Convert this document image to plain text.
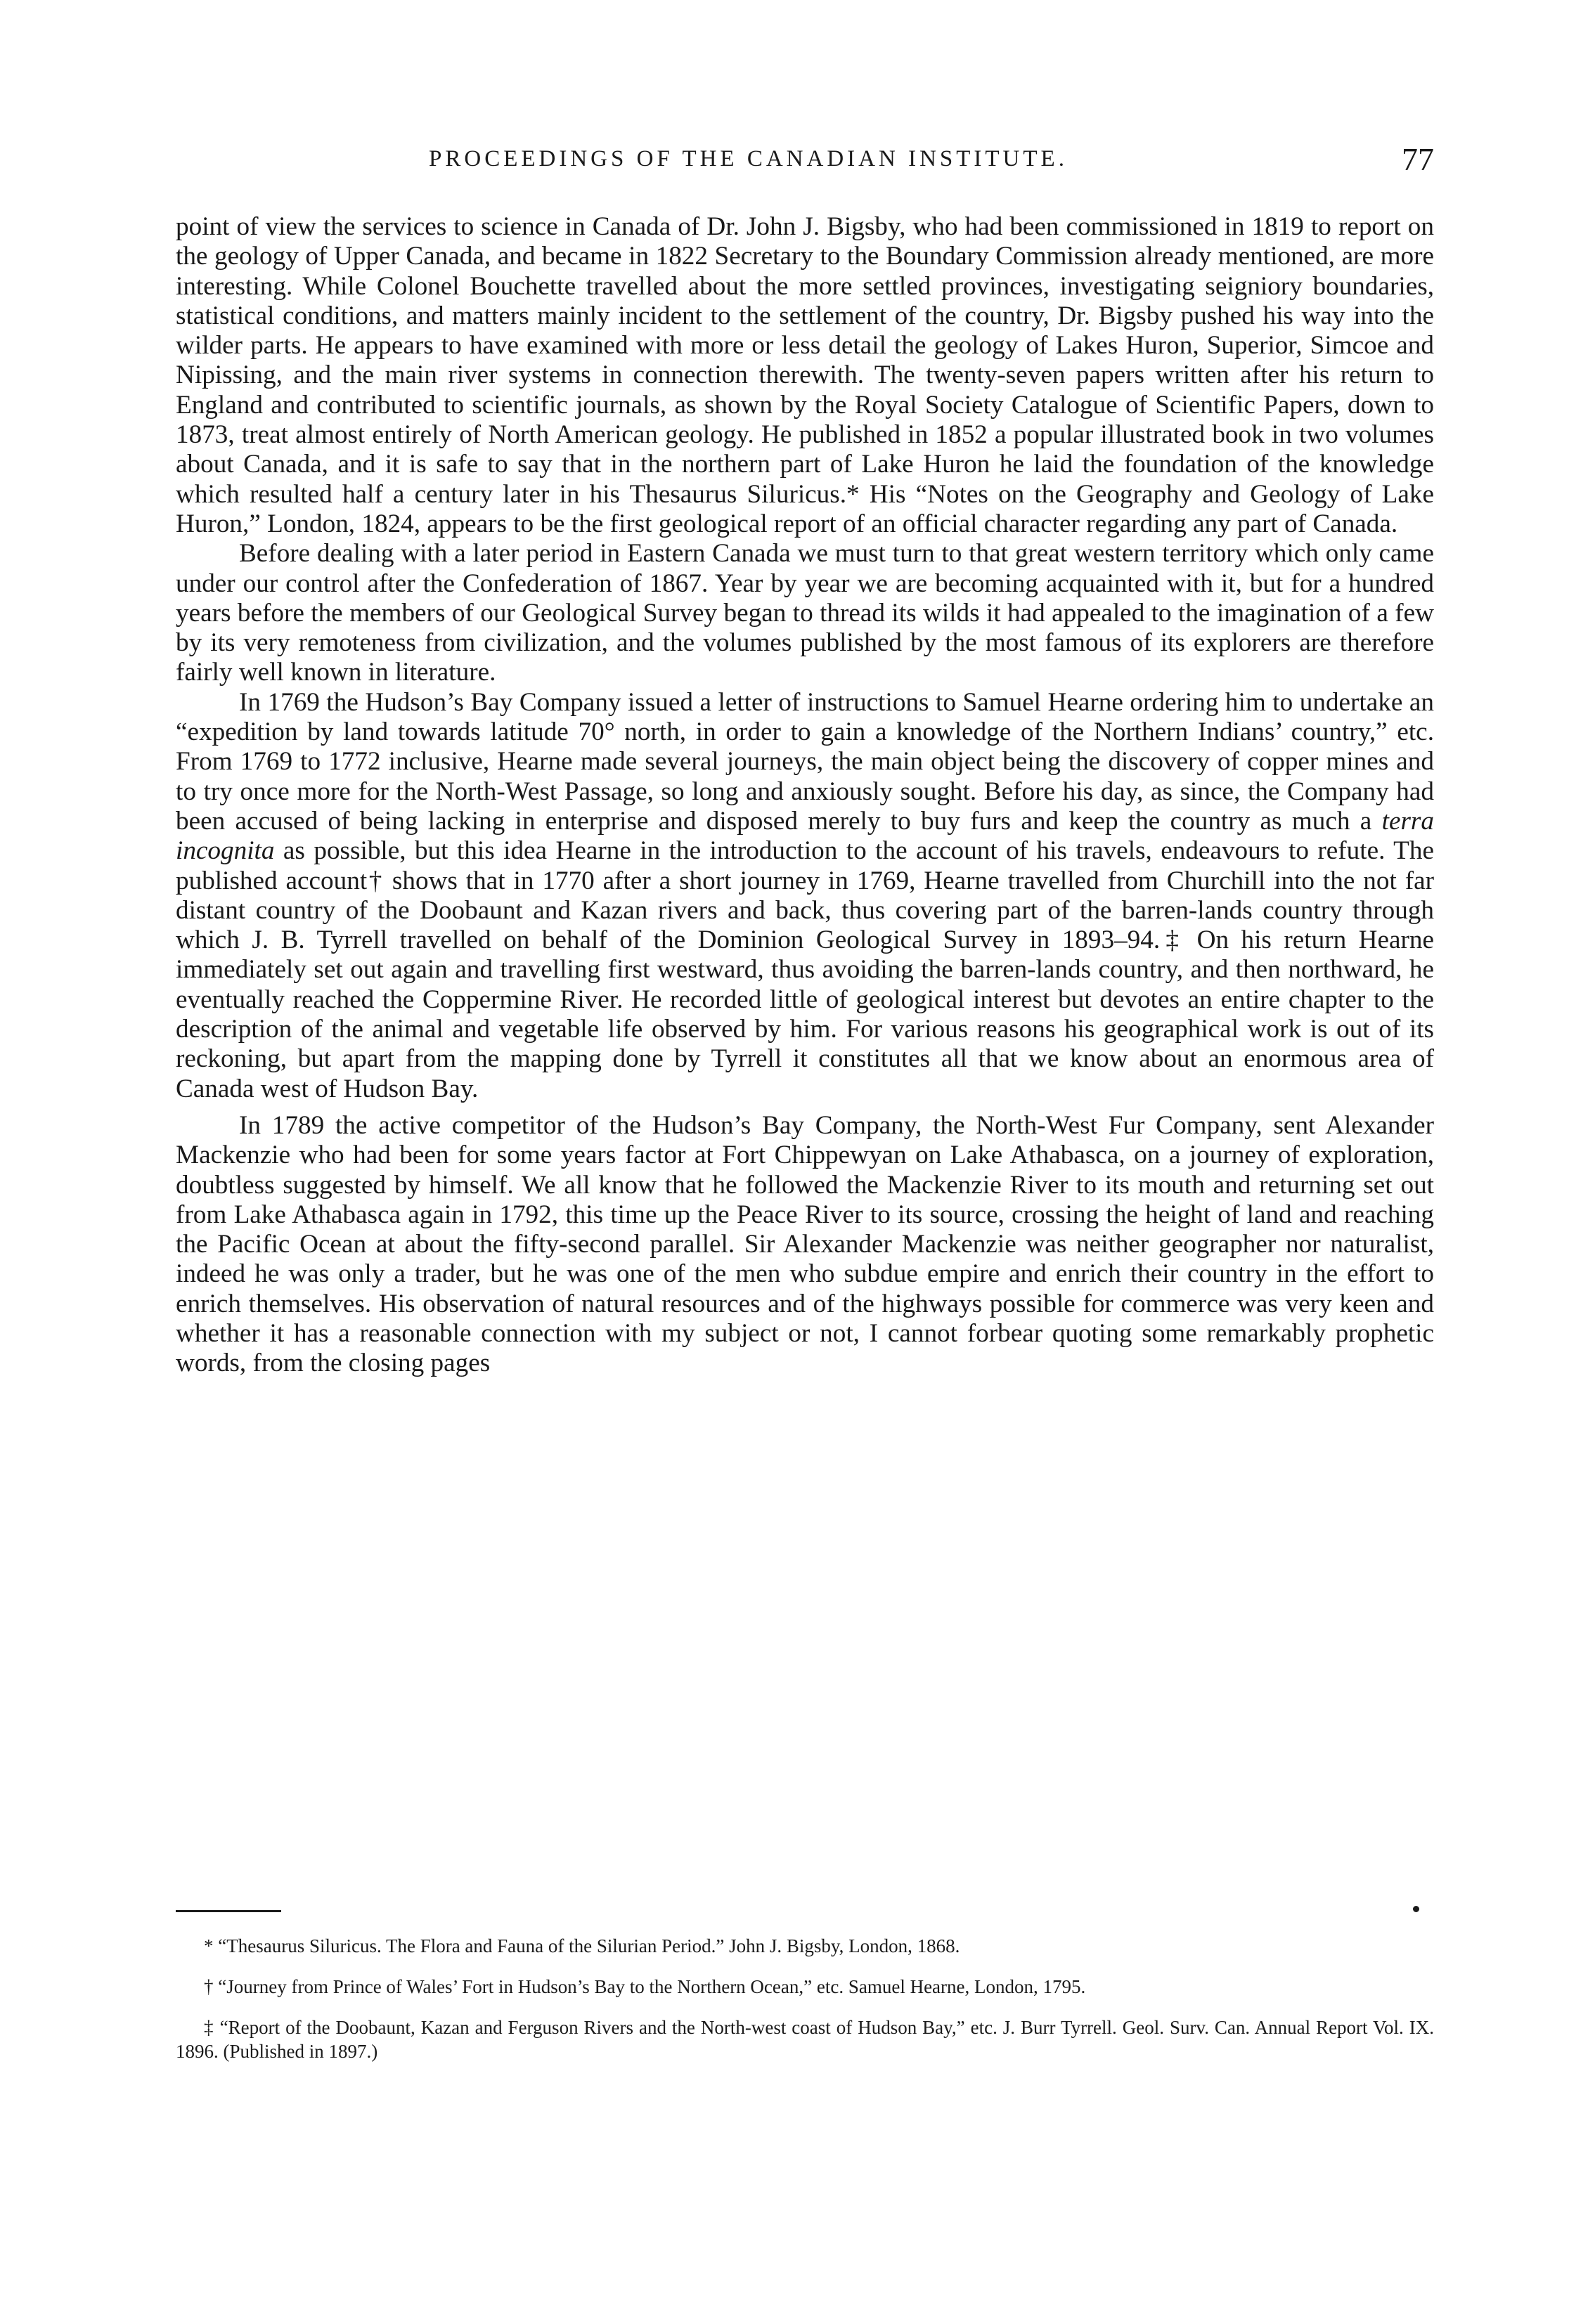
PROCEEDINGS OF THE CANADIAN INSTITUTE.	77

point of view the services to science in Canada of Dr. John J. Bigsby, who had been commissioned in 1819 to report on the geology of Upper Canada, and became in 1822 Secretary to the Boundary Commission already mentioned, are more interesting. While Colonel Bouchette travelled about the more settled provinces, investigating seigniory boundaries, statistical conditions, and matters mainly incident to the settlement of the country, Dr. Bigsby pushed his way into the wilder parts. He appears to have examined with more or less detail the geology of Lakes Huron, Superior, Simcoe and Nipissing, and the main river systems in connection therewith. The twenty-seven papers written after his return to England and contributed to scientific journals, as shown by the Royal Society Catalogue of Scientific Papers, down to 1873, treat almost entirely of North American geology. He published in 1852 a popular illustrated book in two volumes about Canada, and it is safe to say that in the northern part of Lake Huron he laid the foundation of the knowledge which resulted half a century later in his Thesaurus Siluricus.* His “Notes on the Geography and Geology of Lake Huron,” London, 1824, appears to be the first geological report of an official character regarding any part of Canada.

Before dealing with a later period in Eastern Canada we must turn to that great western territory which only came under our control after the Confederation of 1867. Year by year we are becoming acquainted with it, but for a hundred years before the members of our Geological Survey began to thread its wilds it had appealed to the imagination of a few by its very remoteness from civilization, and the volumes published by the most famous of its explorers are therefore fairly well known in literature.

In 1769 the Hudson’s Bay Company issued a letter of instructions to Samuel Hearne ordering him to undertake an “expedition by land towards latitude 70° north, in order to gain a knowledge of the Northern Indians’ country,” etc. From 1769 to 1772 inclusive, Hearne made several journeys, the main object being the discovery of copper mines and to try once more for the North-West Passage, so long and anxiously sought. Before his day, as since, the Company had been accused of being lacking in enterprise and disposed merely to buy furs and keep the country as much a terra incognita as possible, but this idea Hearne in the introduction to the account of his travels, endeavours to refute. The published account† shows that in 1770 after a short journey in 1769, Hearne travelled from Churchill into the not far distant country of the Doobaunt and Kazan rivers and back, thus covering part of the barren-lands country through which J. B. Tyrrell travelled on behalf of the Dominion Geological Survey in 1893–94.‡ On his return Hearne immediately set out again and travelling first westward, thus avoiding the barren-lands country, and then northward, he eventually reached the Coppermine River. He recorded little of geological interest but devotes an entire chapter to the description of the animal and vegetable life observed by him. For various reasons his geographical work is out of its reckoning, but apart from the mapping done by Tyrrell it constitutes all that we know about an enormous area of Canada west of Hudson Bay.

In 1789 the active competitor of the Hudson’s Bay Company, the North-West Fur Company, sent Alexander Mackenzie who had been for some years factor at Fort Chippewyan on Lake Athabasca, on a journey of exploration, doubtless suggested by himself. We all know that he followed the Mackenzie River to its mouth and returning set out from Lake Athabasca again in 1792, this time up the Peace River to its source, crossing the height of land and reaching the Pacific Ocean at about the fifty-second parallel. Sir Alexander Mackenzie was neither geographer nor naturalist, indeed he was only a trader, but he was one of the men who subdue empire and enrich their country in the effort to enrich themselves. His observation of natural resources and of the highways possible for commerce was very keen and whether it has a reasonable connection with my subject or not, I cannot forbear quoting some remarkably prophetic words, from the closing pages

* “Thesaurus Siluricus. The Flora and Fauna of the Silurian Period.” John J. Bigsby, London, 1868.

† “Journey from Prince of Wales’ Fort in Hudson’s Bay to the Northern Ocean,” etc. Samuel Hearne, London, 1795.

‡ “Report of the Doobaunt, Kazan and Ferguson Rivers and the North-west coast of Hudson Bay,” etc. J. Burr Tyrrell. Geol. Surv. Can. Annual Report Vol. IX. 1896. (Published in 1897.)
